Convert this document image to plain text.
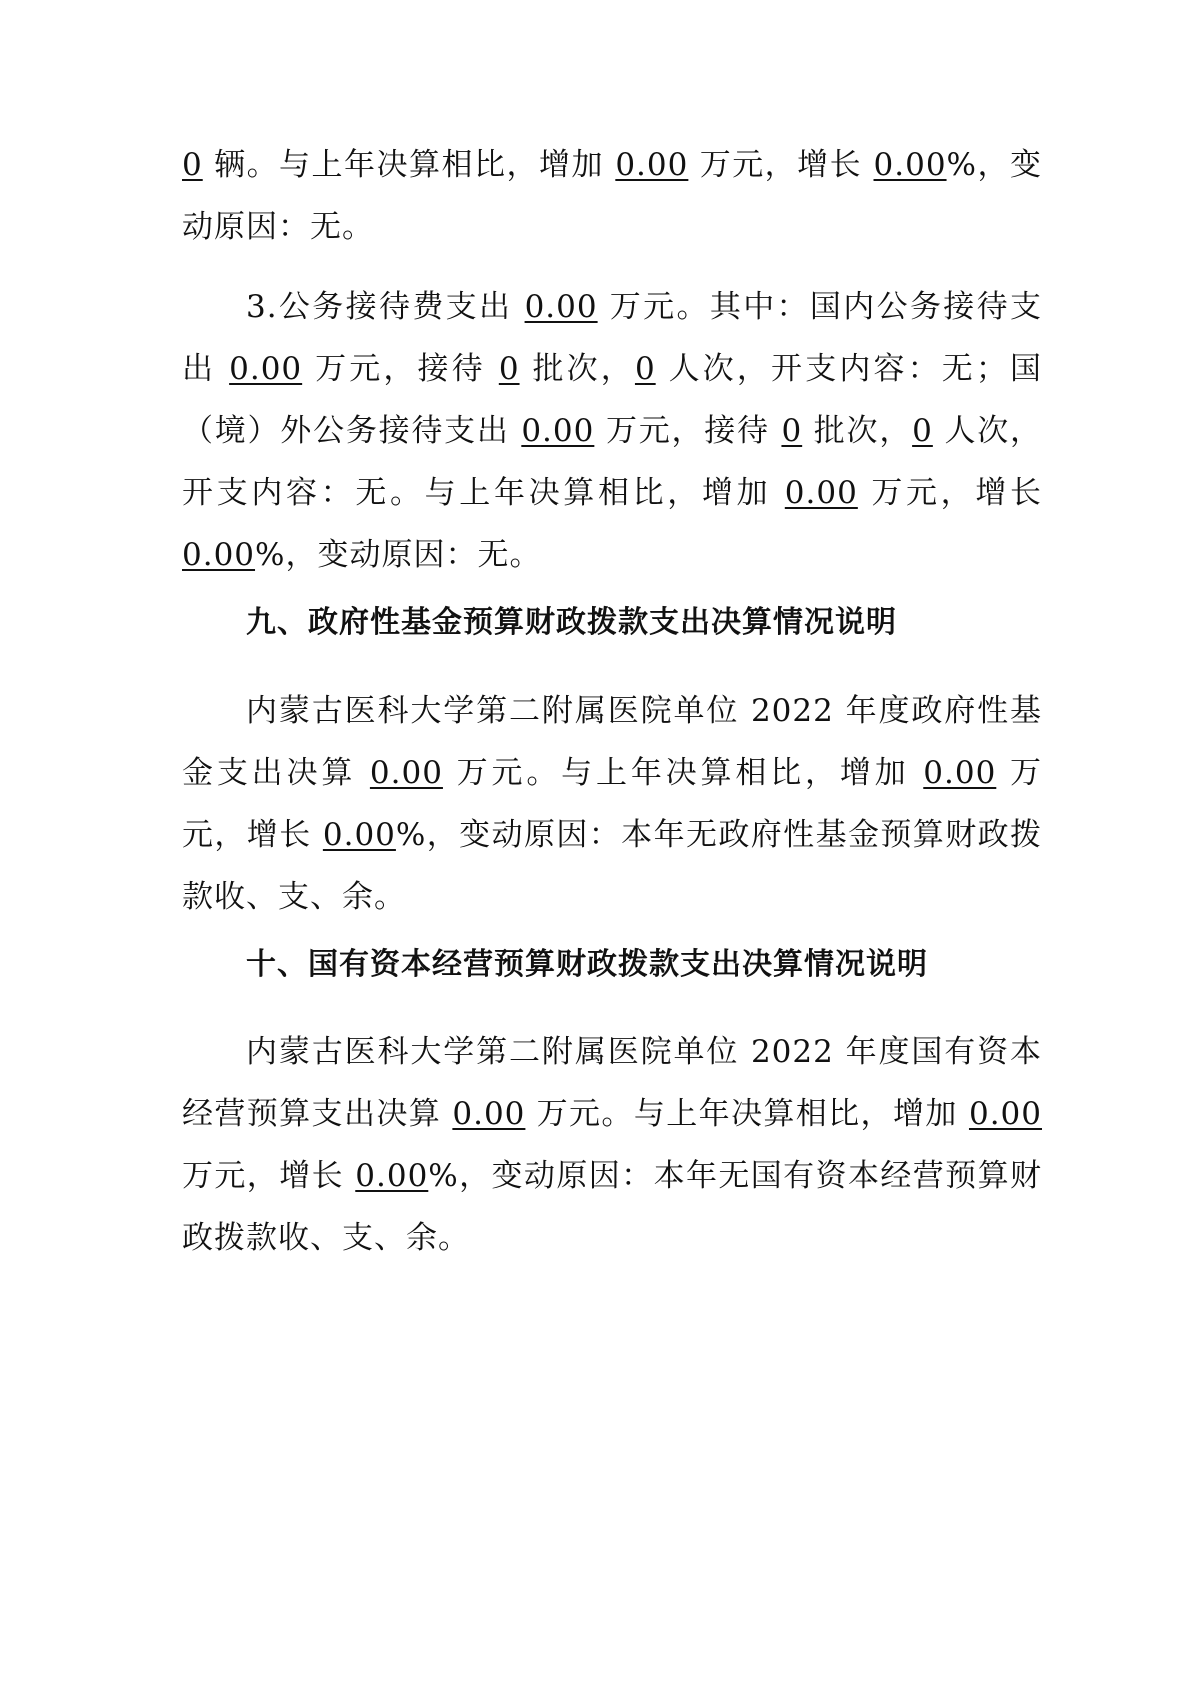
0 辆。与上年决算相比，增加 0.00 万元，增长 0.00%，变动原因：无。

3.公务接待费支出 0.00 万元。其中：国内公务接待支出 0.00 万元，接待 0 批次，0 人次，开支内容：无；国（境）外公务接待支出 0.00 万元，接待 0 批次，0 人次，开支内容：无。与上年决算相比，增加 0.00 万元，增长 0.00%，变动原因：无。

九、政府性基金预算财政拨款支出决算情况说明

内蒙古医科大学第二附属医院单位 2022 年度政府性基金支出决算 0.00 万元。与上年决算相比，增加 0.00 万元，增长 0.00%，变动原因：本年无政府性基金预算财政拨款收、支、余。

十、国有资本经营预算财政拨款支出决算情况说明

内蒙古医科大学第二附属医院单位 2022 年度国有资本经营预算支出决算 0.00 万元。与上年决算相比，增加 0.00 万元，增长 0.00%，变动原因：本年无国有资本经营预算财政拨款收、支、余。
